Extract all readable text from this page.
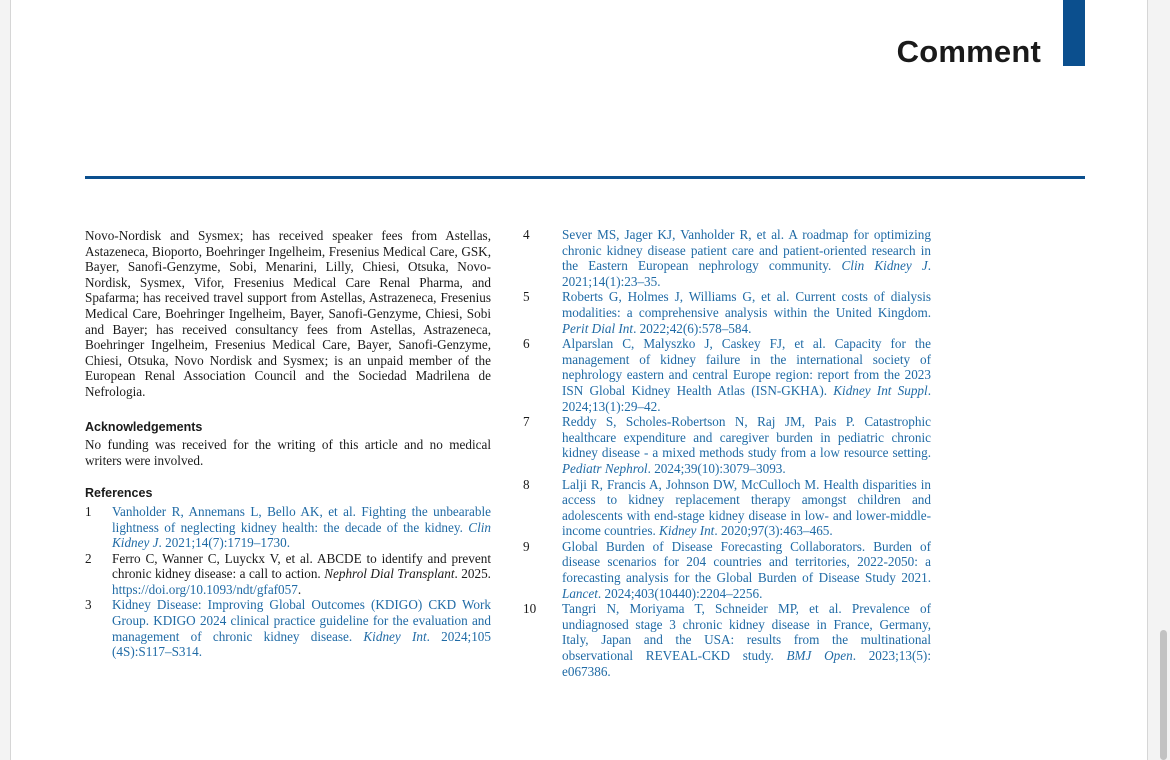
Comment

Novo-Nordisk and Sysmex; has received speaker fees from Astellas, Astazeneca, Bioporto, Boehringer Ingelheim, Fresenius Medical Care, GSK, Bayer, Sanofi-Genzyme, Sobi, Menarini, Lilly, Chiesi, Otsuka, Novo-Nordisk, Sysmex, Vifor, Fresenius Medical Care Renal Pharma, and Spafarma; has received travel support from Astellas, Astrazeneca, Fresenius Medical Care, Boehringer Ingelheim, Bayer, Sanofi-Genzyme, Chiesi, Sobi and Bayer; has received consultancy fees from Astellas, Astrazeneca, Boehringer Ingelheim, Fresenius Medical Care, Bayer, Sanofi-Genzyme, Chiesi, Otsuka, Novo Nordisk and Sysmex; is an unpaid member of the European Renal Association Council and the Sociedad Madrilena de Nefrologia.

Acknowledgements

No funding was received for the writing of this article and no medical writers were involved.

References
1	Vanholder R, Annemans L, Bello AK, et al. Fighting the unbearable lightness of neglecting kidney health: the decade of the kidney. Clin Kidney J. 2021;14(7):1719–1730.
2	Ferro C, Wanner C, Luyckx V, et al. ABCDE to identify and prevent chronic kidney disease: a call to action. Nephrol Dial Transplant. 2025. https://doi.org/10.1093/ndt/gfaf057.
3	Kidney Disease: Improving Global Outcomes (KDIGO) CKD Work Group. KDIGO 2024 clinical practice guideline for the evaluation and management of chronic kidney disease. Kidney Int. 2024;105 (4S):S117–S314.
4	Sever MS, Jager KJ, Vanholder R, et al. A roadmap for optimizing chronic kidney disease patient care and patient-oriented research in the Eastern European nephrology community. Clin Kidney J. 2021;14(1):23–35.
5	Roberts G, Holmes J, Williams G, et al. Current costs of dialysis modalities: a comprehensive analysis within the United Kingdom. Perit Dial Int. 2022;42(6):578–584.
6	Alparslan C, Malyszko J, Caskey FJ, et al. Capacity for the management of kidney failure in the international society of nephrology eastern and central Europe region: report from the 2023 ISN Global Kidney Health Atlas (ISN-GKHA). Kidney Int Suppl. 2024;13(1):29–42.
7	Reddy S, Scholes-Robertson N, Raj JM, Pais P. Catastrophic healthcare expenditure and caregiver burden in pediatric chronic kidney disease - a mixed methods study from a low resource setting. Pediatr Nephrol. 2024;39(10):3079–3093.
8	Lalji R, Francis A, Johnson DW, McCulloch M. Health disparities in access to kidney replacement therapy amongst children and adolescents with end-stage kidney disease in low- and lower-middle-income countries. Kidney Int. 2020;97(3):463–465.
9	Global Burden of Disease Forecasting Collaborators. Burden of disease scenarios for 204 countries and territories, 2022-2050: a forecasting analysis for the Global Burden of Disease Study 2021. Lancet. 2024;403(10440):2204–2256.
10	Tangri N, Moriyama T, Schneider MP, et al. Prevalence of undiagnosed stage 3 chronic kidney disease in France, Germany, Italy, Japan and the USA: results from the multinational observational REVEAL-CKD study. BMJ Open. 2023;13(5): e067386.
